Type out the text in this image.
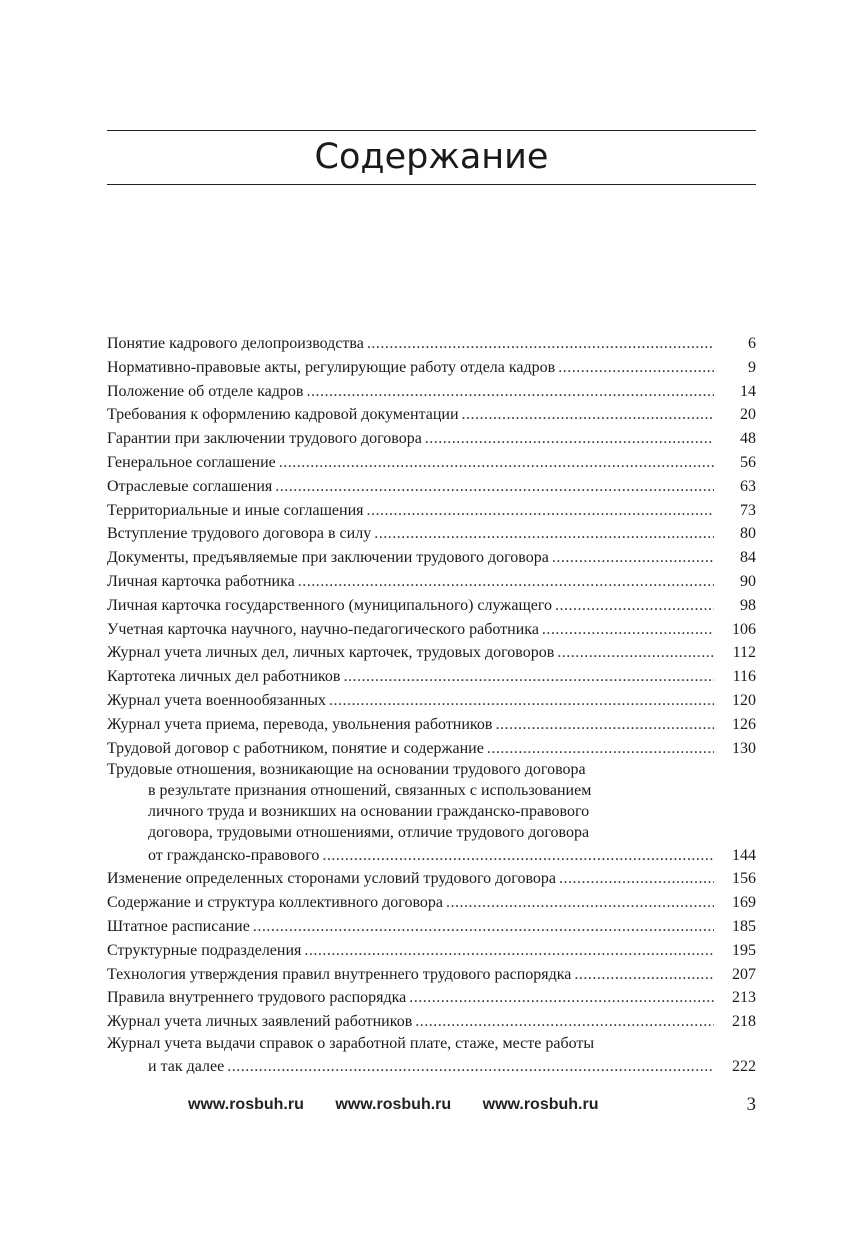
Содержание
Понятие кадрового делопроизводства .....	6
Нормативно-правовые акты, регулирующие работу отдела кадров .....	9
Положение об отделе кадров .....	14
Требования к оформлению кадровой документации .....	20
Гарантии при заключении трудового договора .....	48
Генеральное соглашение .....	56
Отраслевые соглашения .....	63
Территориальные и иные соглашения .....	73
Вступление трудового договора в силу .....	80
Документы, предъявляемые при заключении трудового договора .....	84
Личная карточка работника .....	90
Личная карточка государственного (муниципального) служащего .....	98
Учетная карточка научного, научно-педагогического работника .....	106
Журнал учета личных дел, личных карточек, трудовых договоров .....	112
Картотека личных дел работников .....	116
Журнал учета военнообязанных .....	120
Журнал учета приема, перевода, увольнения работников .....	126
Трудовой договор с работником, понятие и содержание .....	130
Трудовые отношения, возникающие на основании трудового договора
в результате признания отношений, связанных с использованием
личного труда и возникших на основании гражданско-правового
договора, трудовыми отношениями, отличие трудового договора
от гражданско-правового .....	144
Изменение определенных сторонами условий трудового договора .....	156
Содержание и структура коллективного договора .....	169
Штатное расписание .....	185
Структурные подразделения .....	195
Технология утверждения правил внутреннего трудового распорядка .....	207
Правила внутреннего трудового распорядка .....	213
Журнал учета личных заявлений работников .....	218
Журнал учета выдачи справок о заработной плате, стаже, месте работы
и так далее .....	222
www.rosbuh.ru www.rosbuh.ru www.rosbuh.ru	3
